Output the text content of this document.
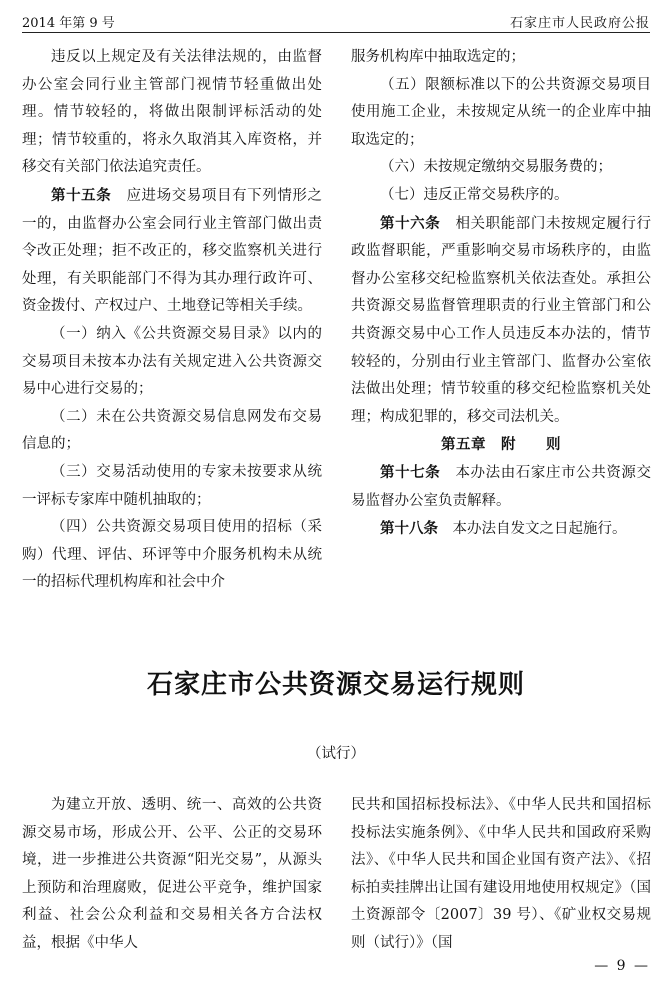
2014 年第 9 号	石家庄市人民政府公报

违反以上规定及有关法律法规的，由监督办公室会同行业主管部门视情节轻重做出处理。情节较轻的，将做出限制评标活动的处理；情节较重的，将永久取消其入库资格，并移交有关部门依法追究责任。

第十五条　 应进场交易项目有下列情形之一的，由监督办公室会同行业主管部门做出责令改正处理；拒不改正的，移交监察机关进行处理，有关职能部门不得为其办理行政许可、资金拨付、产权过户、土地登记等相关手续。

（一）纳入《公共资源交易目录》以内的交易项目未按本办法有关规定进入公共资源交易中心进行交易的；

（二）未在公共资源交易信息网发布交易信息的；

（三）交易活动使用的专家未按要求从统一评标专家库中随机抽取的；

（四）公共资源交易项目使用的招标（采购）代理、评估、环评等中介服务机构未从统一的招标代理机构库和社会中介

服务机构库中抽取选定的；

（五）限额标准以下的公共资源交易项目使用施工企业，未按规定从统一的企业库中抽取选定的；

（六）未按规定缴纳交易服务费的；

（七）违反正常交易秩序的。

第十六条　 相关职能部门未按规定履行行政监督职能，严重影响交易市场秩序的，由监督办公室移交纪检监察机关依法查处。承担公共资源交易监督管理职责的行业主管部门和公共资源交易中心工作人员违反本办法的，情节较轻的，分别由行业主管部门、监督办公室依法做出处理；情节较重的移交纪检监察机关处理；构成犯罪的，移交司法机关。

第五章　附　　则

第十七条　 本办法由石家庄市公共资源交易监督办公室负责解释。

第十八条　 本办法自发文之日起施行。

石家庄市公共资源交易运行规则
（试行）

为建立开放、透明、统一、高效的公共资源交易市场，形成公开、公平、公正的交易环境，进一步推进公共资源“阳光交易”，从源头上预防和治理腐败，促进公平竞争，维护国家利益、社会公众利益和交易相关各方合法权益，根据《中华人

民共和国招标投标法》、《中华人民共和国招标投标法实施条例》、《中华人民共和国政府采购法》、《中华人民共和国企业国有资产法》、《招标拍卖挂牌出让国有建设用地使用权规定》（国土资源部令〔2007〕39 号）、《矿业权交易规则（试行）》（国

— 9 —
